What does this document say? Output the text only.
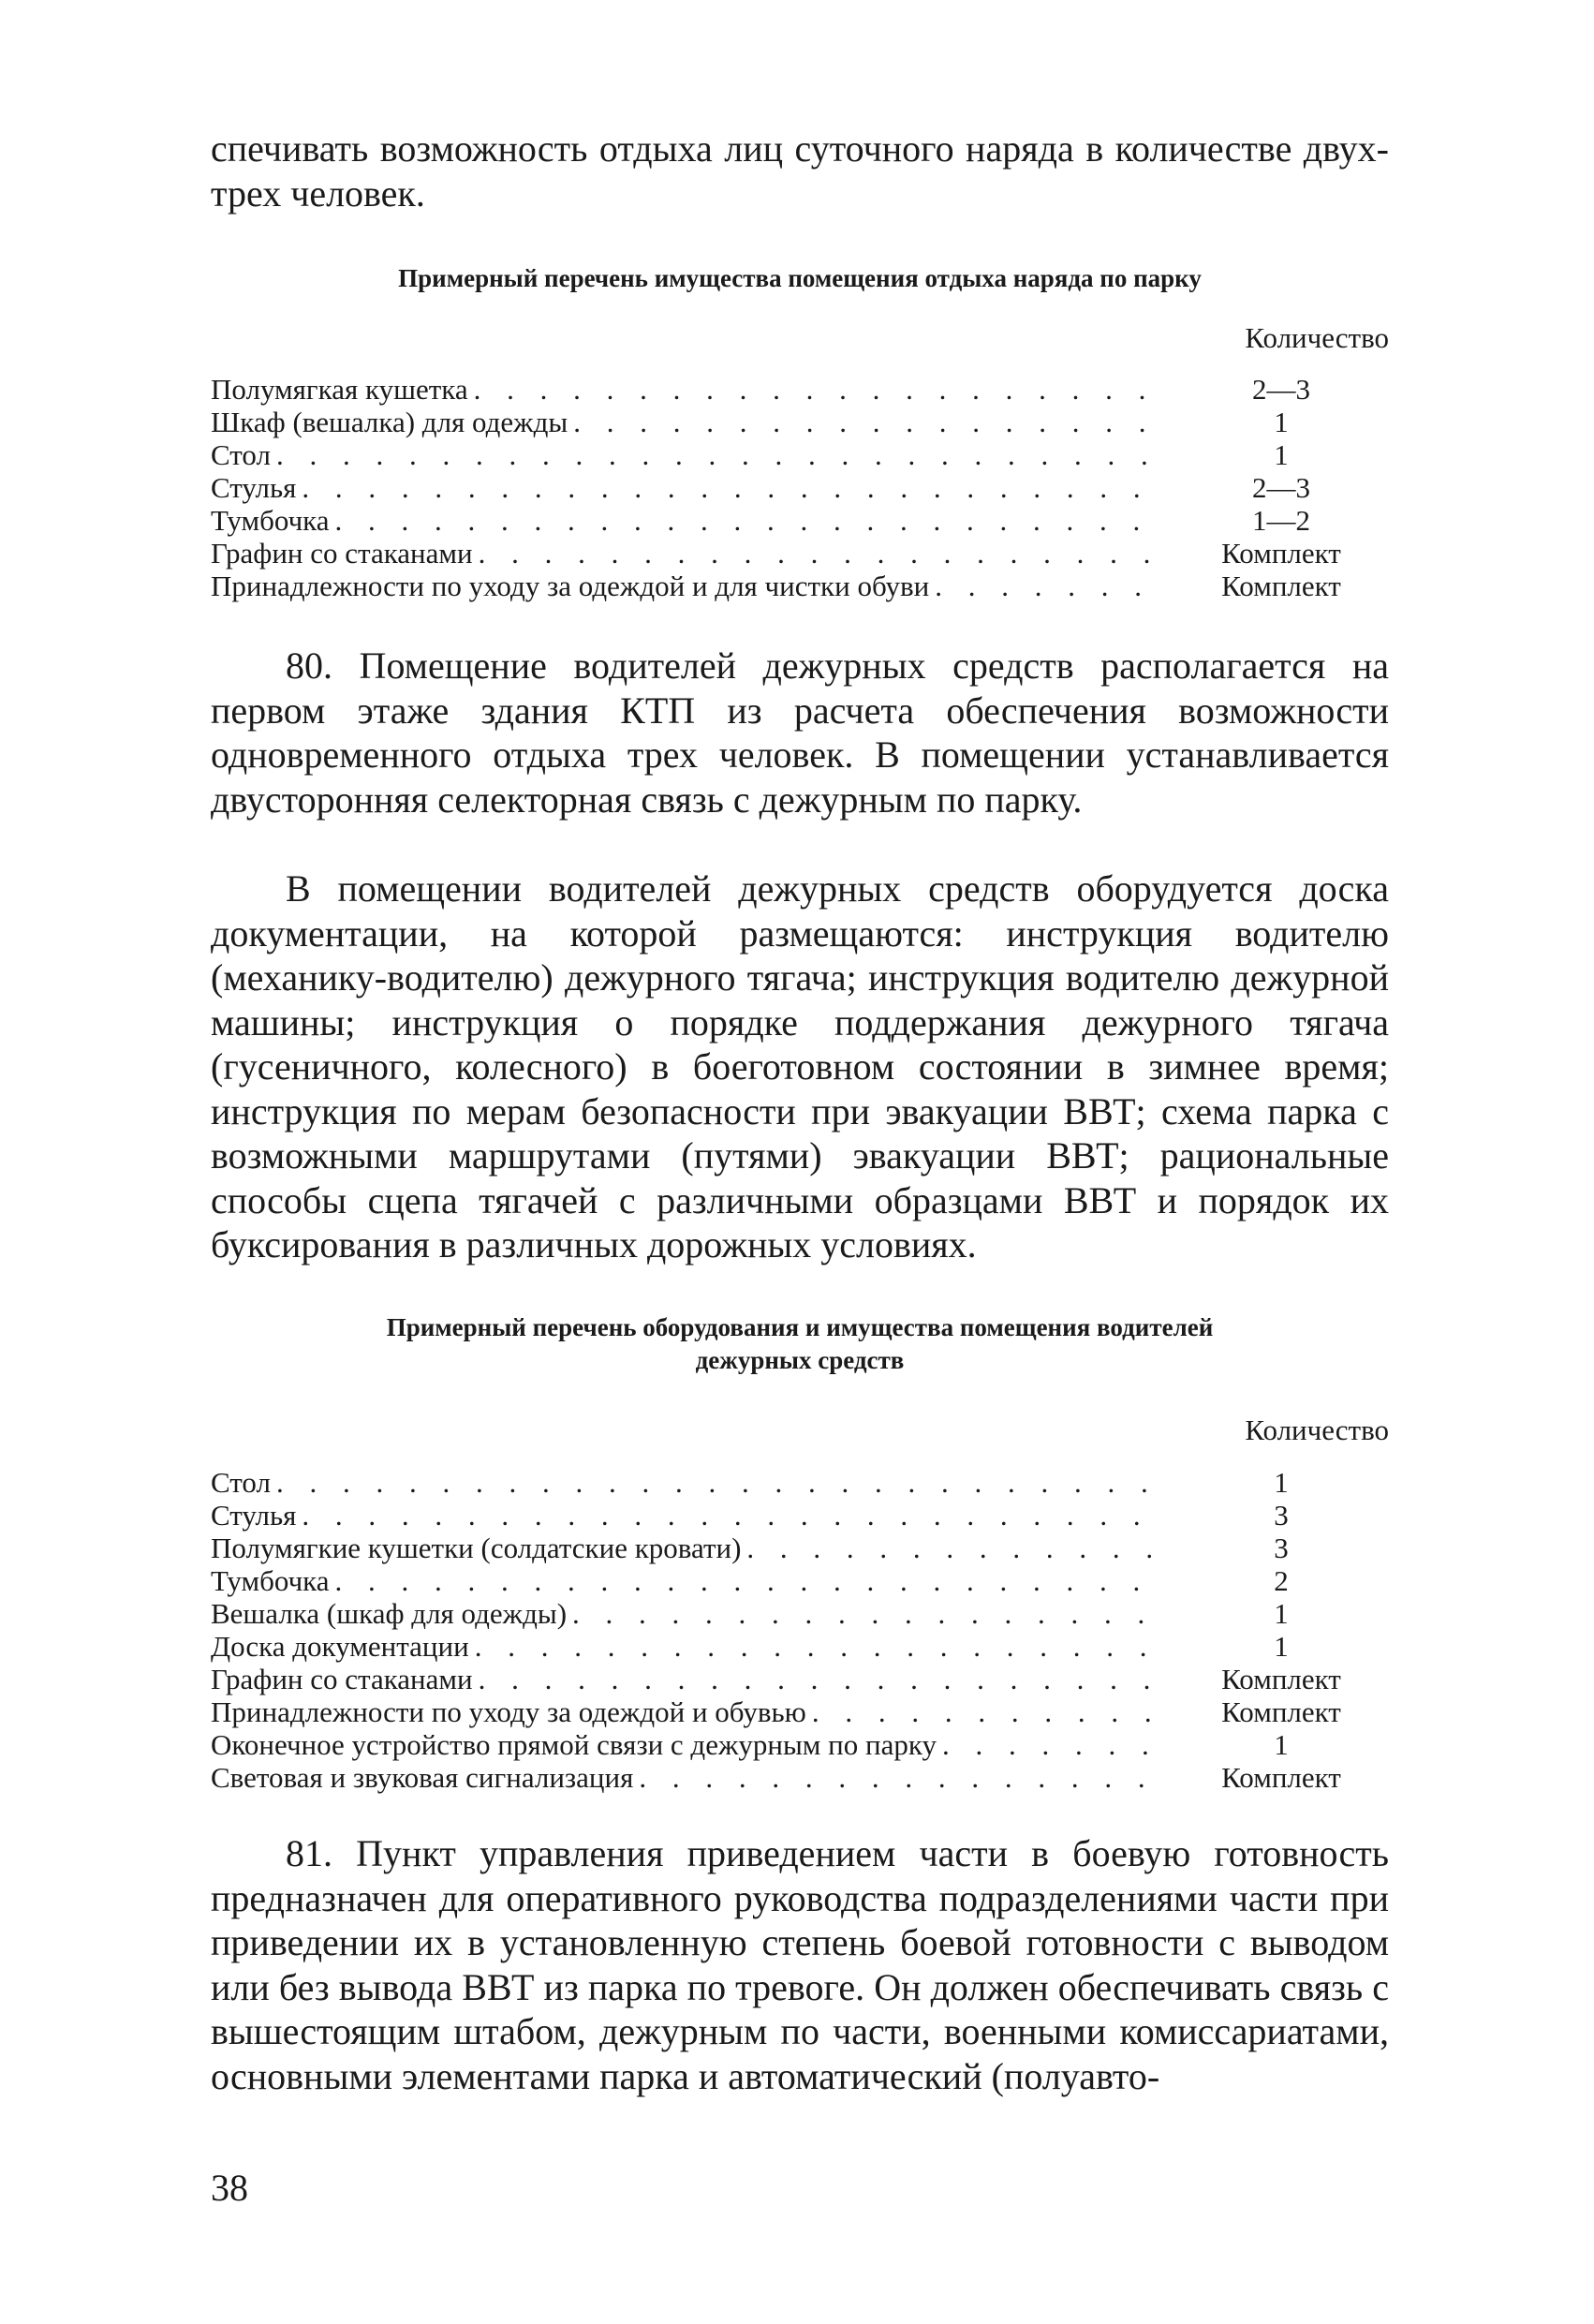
спечивать возможность отдыха лиц суточного наряда в количестве двух-трех человек.

Примерный перечень имущества помещения отдыха наряда по парку

Количество
Полумягкая кушетка . . .	2—3
Шкаф (вешалка) для одежды . . .	1
Стол . . .	1
Стулья . . .	2—3
Тумбочка . . .	1—2
Графин со стаканами . . .	Комплект
Принадлежности по уходу за одеждой и для чистки обуви . . .	Комплект

80. Помещение водителей дежурных средств располагается на первом этаже здания КТП из расчета обеспечения возможности одновременного отдыха трех человек. В помещении устанавливается двусторонняя селекторная связь с дежурным по парку.

В помещении водителей дежурных средств оборудуется доска документации, на которой размещаются: инструкция водителю (механику-водителю) дежурного тягача; инструкция водителю дежурной машины; инструкция о порядке поддержания дежурного тягача (гусеничного, колесного) в боеготовном состоянии в зимнее время; инструкция по мерам безопасности при эвакуации ВВТ; схема парка с возможными маршрутами (путями) эвакуации ВВТ; рациональные способы сцепа тягачей с различными образцами ВВТ и порядок их буксирования в различных дорожных условиях.

Примерный перечень оборудования и имущества помещения водителей

дежурных средств

Количество
Стол . . .	1
Стулья . . .	3
Полумягкие кушетки (солдатские кровати) . . .	3
Тумбочка . . .	2
Вешалка (шкаф для одежды) . . .	1
Доска документации . . .	1
Графин со стаканами . . .	Комплект
Принадлежности по уходу за одеждой и обувью . . .	Комплект
Оконечное устройство прямой связи с дежурным по парку . . .	1
Световая и звуковая сигнализация . . .	Комплект

81. Пункт управления приведением части в боевую готовность предназначен для оперативного руководства подразделениями части при приведении их в установленную степень боевой готовности с выводом или без вывода ВВТ из парка по тревоге. Он должен обеспечивать связь с вышестоящим штабом, дежурным по части, военными комиссариатами, основными элементами парка и автоматический (полуавто-

38
